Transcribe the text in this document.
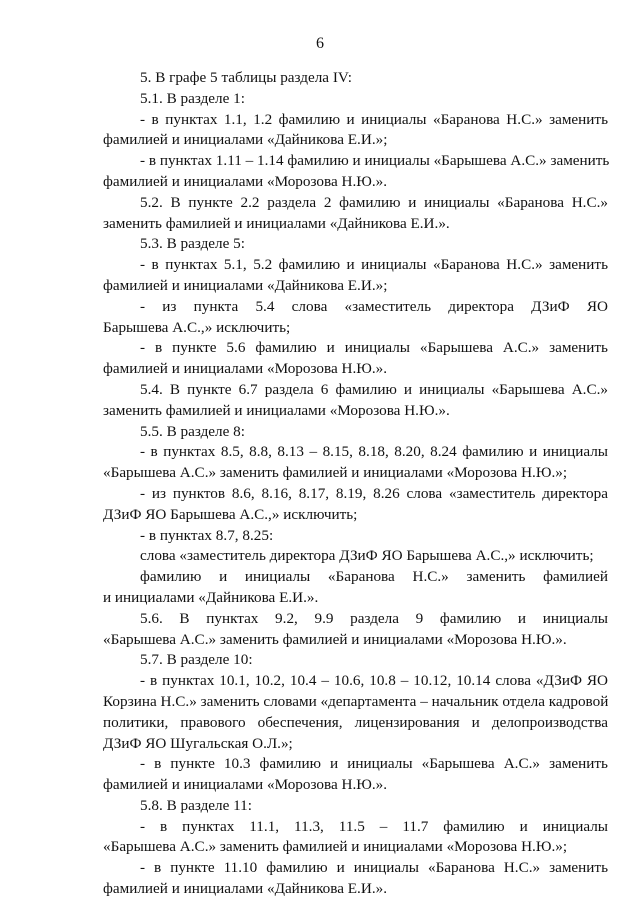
6
5. В графе 5 таблицы раздела IV:
5.1. В разделе 1:
- в пунктах 1.1, 1.2 фамилию и инициалы «Баранова Н.С.» заменить
фамилией и инициалами «Дайникова Е.И.»;
- в пунктах 1.11 – 1.14 фамилию и инициалы «Барышева А.С.» заменить
фамилией и инициалами «Морозова Н.Ю.».
5.2. В пункте 2.2 раздела 2 фамилию и инициалы «Баранова Н.С.»
заменить фамилией и инициалами «Дайникова Е.И.».
5.3. В разделе 5:
- в пунктах 5.1, 5.2 фамилию и инициалы «Баранова Н.С.» заменить
фамилией и инициалами «Дайникова Е.И.»;
- из пункта 5.4 слова «заместитель директора ДЗиФ ЯО
Барышева А.С.,» исключить;
- в пункте 5.6 фамилию и инициалы «Барышева А.С.» заменить
фамилией и инициалами «Морозова Н.Ю.».
5.4. В пункте 6.7 раздела 6 фамилию и инициалы «Барышева А.С.»
заменить фамилией и инициалами «Морозова Н.Ю.».
5.5. В разделе 8:
- в пунктах 8.5, 8.8, 8.13 – 8.15, 8.18, 8.20, 8.24 фамилию и инициалы
«Барышева А.С.» заменить фамилией и инициалами «Морозова Н.Ю.»;
- из пунктов 8.6, 8.16, 8.17, 8.19, 8.26 слова «заместитель директора
ДЗиФ ЯО Барышева А.С.,» исключить;
- в пунктах 8.7, 8.25:
слова «заместитель директора ДЗиФ ЯО Барышева А.С.,» исключить;
фамилию и инициалы «Баранова Н.С.» заменить фамилией
и инициалами «Дайникова Е.И.».
5.6. В пунктах 9.2, 9.9 раздела 9 фамилию и инициалы
«Барышева А.С.» заменить фамилией и инициалами «Морозова Н.Ю.».
5.7. В разделе 10:
- в пунктах 10.1, 10.2, 10.4 – 10.6, 10.8 – 10.12, 10.14 слова «ДЗиФ ЯО
Корзина Н.С.» заменить словами «департамента – начальник отдела кадровой
политики, правового обеспечения, лицензирования и делопроизводства
ДЗиФ ЯО Шугальская О.Л.»;
- в пункте 10.3 фамилию и инициалы «Барышева А.С.» заменить
фамилией и инициалами «Морозова Н.Ю.».
5.8. В разделе 11:
- в пунктах 11.1, 11.3, 11.5 – 11.7 фамилию и инициалы
«Барышева А.С.» заменить фамилией и инициалами «Морозова Н.Ю.»;
- в пункте 11.10 фамилию и инициалы «Баранова Н.С.» заменить
фамилией и инициалами «Дайникова Е.И.».
